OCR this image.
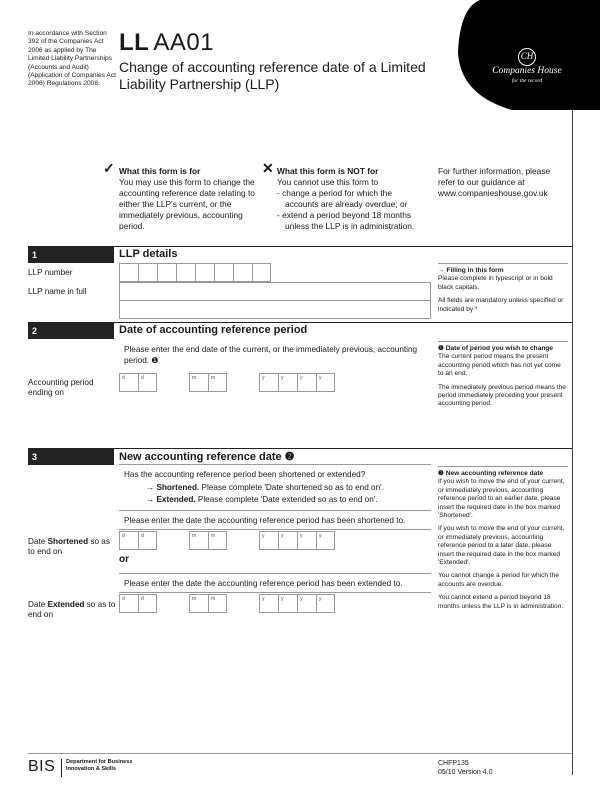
In accordance with Section 392 of the Companies Act 2006 as applied by The Limited Liability Partnerships (Accounts and Audit) (Application of Companies Act 2006) Regulations 2008.
LL AA01
Change of accounting reference date of a Limited Liability Partnership (LLP)
CH
Companies House
for the record
✓ What this form is for
You may use this form to change the accounting reference date relating to either the LLP's current, or the immediately previous, accounting period.
✕ What this form is NOT for
You cannot use this form to
- change a period for which the accounts are already overdue; or
- extend a period beyond 18 months unless the LLP is in administration.
For further information, please refer to our guidance at www.companieshouse.gov.uk
1	LLP details
LLP number
LLP name in full
→ Filling in this form
Please complete in typescript or in bold black capitals.

All fields are mandatory unless specified or indicated by *

2	Date of accounting reference period
Please enter the end date of the current, or the immediately previous, accounting period. ❶
Accounting period ending on
d	d	m	m	y	y	y	y
❶ Date of period you wish to change
The current period means the present accounting period which has not yet come to an end.

The immediately previous period means the period immediately preceding your present accounting period.

3	New accounting reference date ❷
Has the accounting reference period been shortened or extended?
→ Shortened. Please complete 'Date shortened so as to end on'.
→ Extended. Please complete 'Date extended so as to end on'.
Please enter the date the accounting reference period has been shortened to.
Date Shortened so as to end on
d	d	m	m	y	y	y	y
or
Please enter the date the accounting reference period has been extended to.
Date Extended so as to end on
d	d	m	m	y	y	y	y
❷ New accounting reference date
If you wish to move the end of your current, or immediately previous, accounting reference period to an earlier date, please insert the required date in the box marked 'Shortened'.

If you wish to move the end of your current, or immediately previous, accounting reference period to a later date, please insert the required date in the box marked 'Extended'.

You cannot change a period for which the accounts are overdue.

You cannot extend a period beyond 18 months unless the LLP is in administration.

BIS Department for Business
Innovation & Skills
CHFP135
05/10 Version 4.0
